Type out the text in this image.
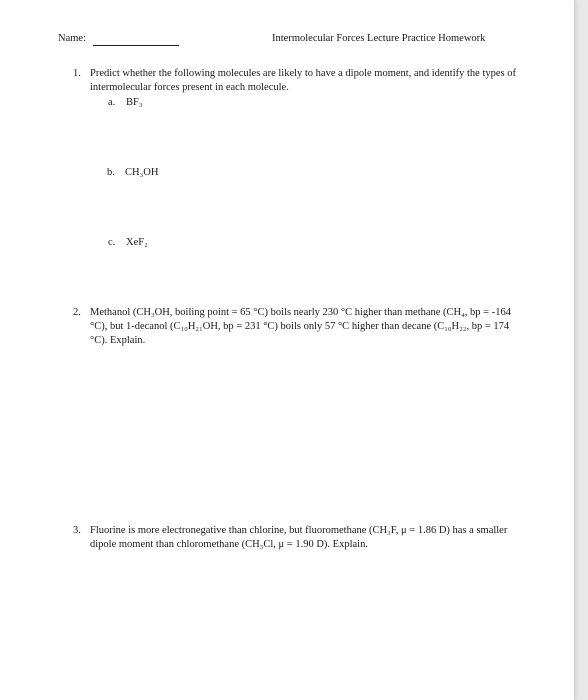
Name:	Intermolecular Forces Lecture Practice Homework
1. Predict whether the following molecules are likely to have a dipole moment, and identify the types of intermolecular forces present in each molecule.
a. BF₃
b. CH₃OH
c. XeF₂
2. Methanol (CH₃OH, boiling point = 65 °C) boils nearly 230 °C higher than methane (CH₄, bp = -164 °C), but 1-decanol (C₁₀H₂₁OH, bp = 231 °C) boils only 57 °C higher than decane (C₁₀H₂₂, bp = 174 °C). Explain.
3. Fluorine is more electronegative than chlorine, but fluoromethane (CH₃F, μ = 1.86 D) has a smaller dipole moment than chloromethane (CH₃Cl, μ = 1.90 D). Explain.
